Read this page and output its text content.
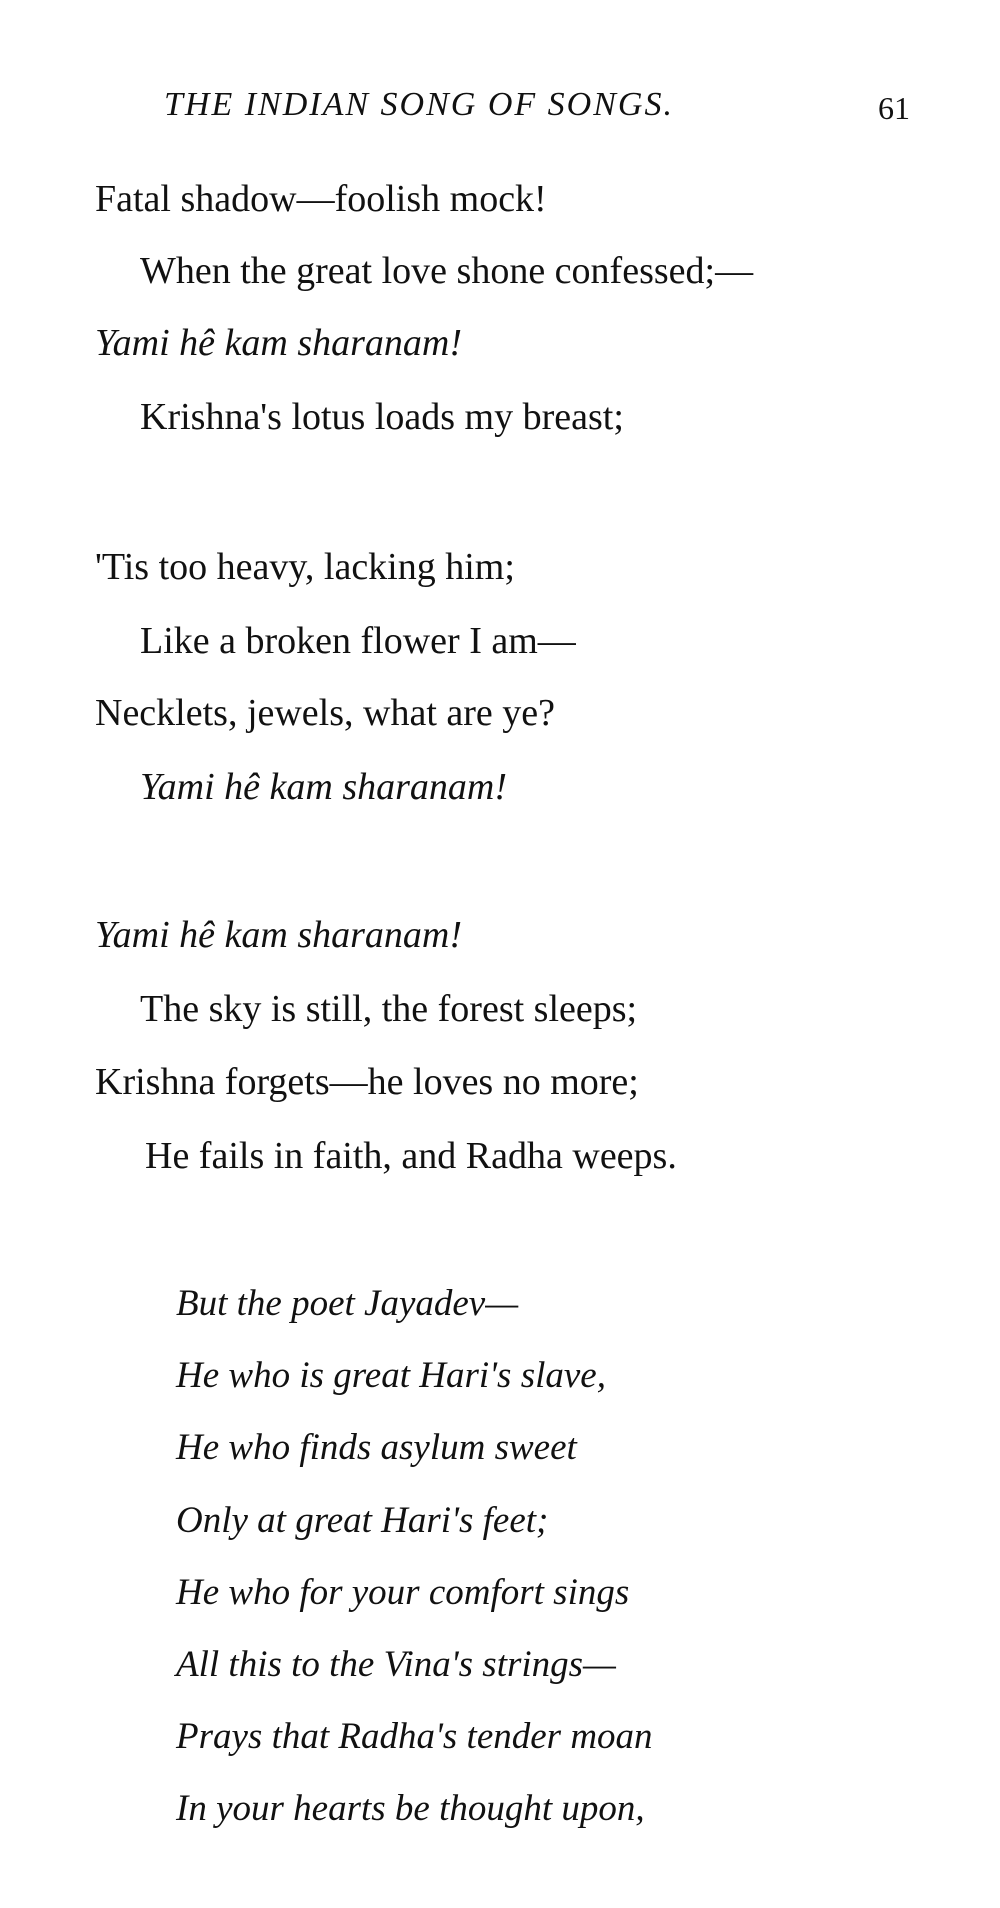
THE INDIAN SONG OF SONGS.	61
Fatal shadow—foolish mock!
When the great love shone confessed;—
Yami hê kam sharanam!
Krishna's lotus loads my breast;
'Tis too heavy, lacking him;
Like a broken flower I am—
Necklets, jewels, what are ye?
Yami hê kam sharanam!
Yami hê kam sharanam!
The sky is still, the forest sleeps;
Krishna forgets—he loves no more;
He fails in faith, and Radha weeps.
But the poet Jayadev—
He who is great Hari's slave,
He who finds asylum sweet
Only at great Hari's feet;
He who for your comfort sings
All this to the Vina's strings—
Prays that Radha's tender moan
In your hearts be thought upon,
